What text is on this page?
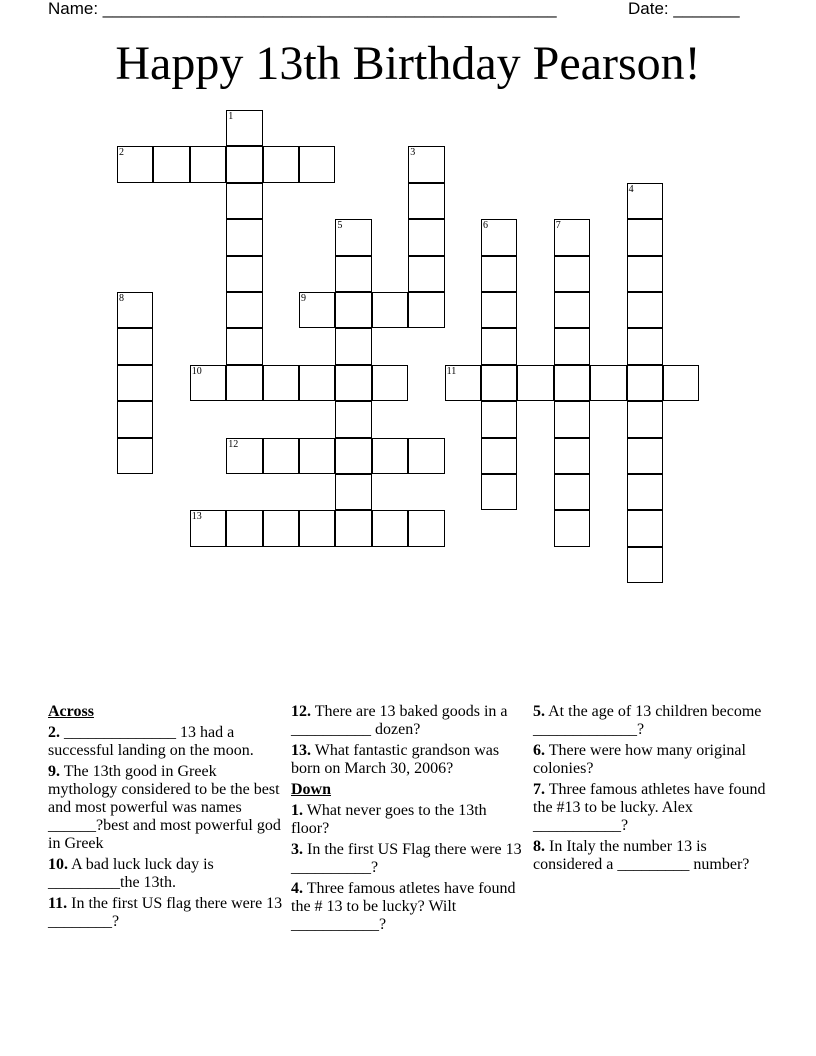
Name: ________________________________________________	Date: _______
Happy 13th Birthday Pearson!
1
2	3
4
5	6	7
8	9
10	11
12
13
Across
2. ______________ 13 had a successful landing on the moon.
9. The 13th good in Greek mythology considered to be the best and most powerful was names ______?best and most powerful god in Greek
10. A bad luck luck day is _________the 13th.
11. In the first US flag there were 13 ________?
12. There are 13 baked goods in a __________ dozen?
13. What fantastic grandson was born on March 30, 2006?
Down
1. What never goes to the 13th floor?
3. In the first US Flag there were 13 __________?
4. Three famous atletes have found the # 13 to be lucky? Wilt ___________?
5. At the age of 13 children become _____________?
6. There were how many original colonies?
7. Three famous athletes have found the #13 to be lucky. Alex ___________?
8. In Italy the number 13 is considered a _________ number?
